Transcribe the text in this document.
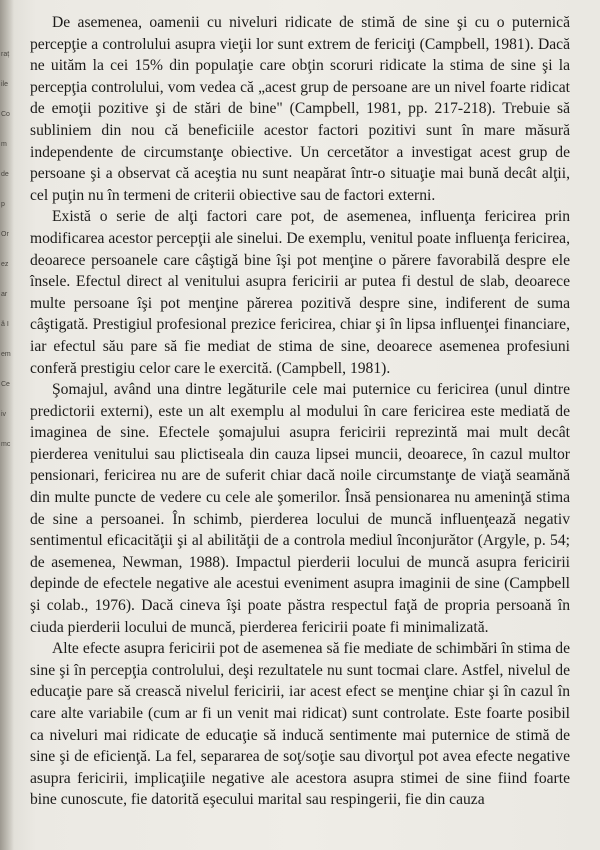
raț ile Com dep Orez ară Iem Ce iv mc

De asemenea, oamenii cu niveluri ridicate de stimă de sine şi cu o puternică percepţie a controlului asupra vieţii lor sunt extrem de fericiţi (Campbell, 1981). Dacă ne uităm la cei 15% din populaţie care obţin scoruri ridicate la stima de sine şi la percepţia controlului, vom vedea că „acest grup de persoane are un nivel foarte ridicat de emoţii pozitive şi de stări de bine" (Campbell, 1981, pp. 217-218). Trebuie să subliniem din nou că beneficiile acestor factori pozitivi sunt în mare măsură independente de circumstanţe obiective. Un cercetător a investigat acest grup de persoane şi a observat că aceştia nu sunt neapărat într-o situaţie mai bună decât alţii, cel puţin nu în termeni de criterii obiective sau de factori externi.

Există o serie de alţi factori care pot, de asemenea, influenţa fericirea prin modificarea acestor percepţii ale sinelui. De exemplu, venitul poate influenţa fericirea, deoarece persoanele care câştigă bine îşi pot menţine o părere favorabilă despre ele însele. Efectul direct al venitului asupra fericirii ar putea fi destul de slab, deoarece multe persoane îşi pot menţine părerea pozitivă despre sine, indiferent de suma câştigată. Prestigiul profesional prezice fericirea, chiar şi în lipsa influenţei financiare, iar efectul său pare să fie mediat de stima de sine, deoarece asemenea profesiuni conferă prestigiu celor care le exercită. (Campbell, 1981).

Şomajul, având una dintre legăturile cele mai puternice cu fericirea (unul dintre predictorii externi), este un alt exemplu al modului în care fericirea este mediată de imaginea de sine. Efectele şomajului asupra fericirii reprezintă mai mult decât pierderea venitului sau plictiseala din cauza lipsei muncii, deoarece, în cazul multor pensionari, fericirea nu are de suferit chiar dacă noile circumstanţe de viaţă seamănă din multe puncte de vedere cu cele ale şomerilor. Însă pensionarea nu ameninţă stima de sine a persoanei. În schimb, pierderea locului de muncă influenţează negativ sentimentul eficacităţii şi al abilităţii de a controla mediul înconjurător (Argyle, p. 54; de asemenea, Newman, 1988). Impactul pierderii locului de muncă asupra fericirii depinde de efectele negative ale acestui eveniment asupra imaginii de sine (Campbell şi colab., 1976). Dacă cineva îşi poate păstra respectul faţă de propria persoană în ciuda pierderii locului de muncă, pierderea fericirii poate fi minimalizată.

Alte efecte asupra fericirii pot de asemenea să fie mediate de schimbări în stima de sine şi în percepţia controlului, deşi rezultatele nu sunt tocmai clare. Astfel, nivelul de educaţie pare să crească nivelul fericirii, iar acest efect se menţine chiar şi în cazul în care alte variabile (cum ar fi un venit mai ridicat) sunt controlate. Este foarte posibil ca niveluri mai ridicate de educaţie să inducă sentimente mai puternice de stimă de sine şi de eficienţă. La fel, separarea de soţ/soţie sau divorţul pot avea efecte negative asupra fericirii, implicaţiile negative ale acestora asupra stimei de sine fiind foarte bine cunoscute, fie datorită eşecului marital sau respingerii, fie din cauza
